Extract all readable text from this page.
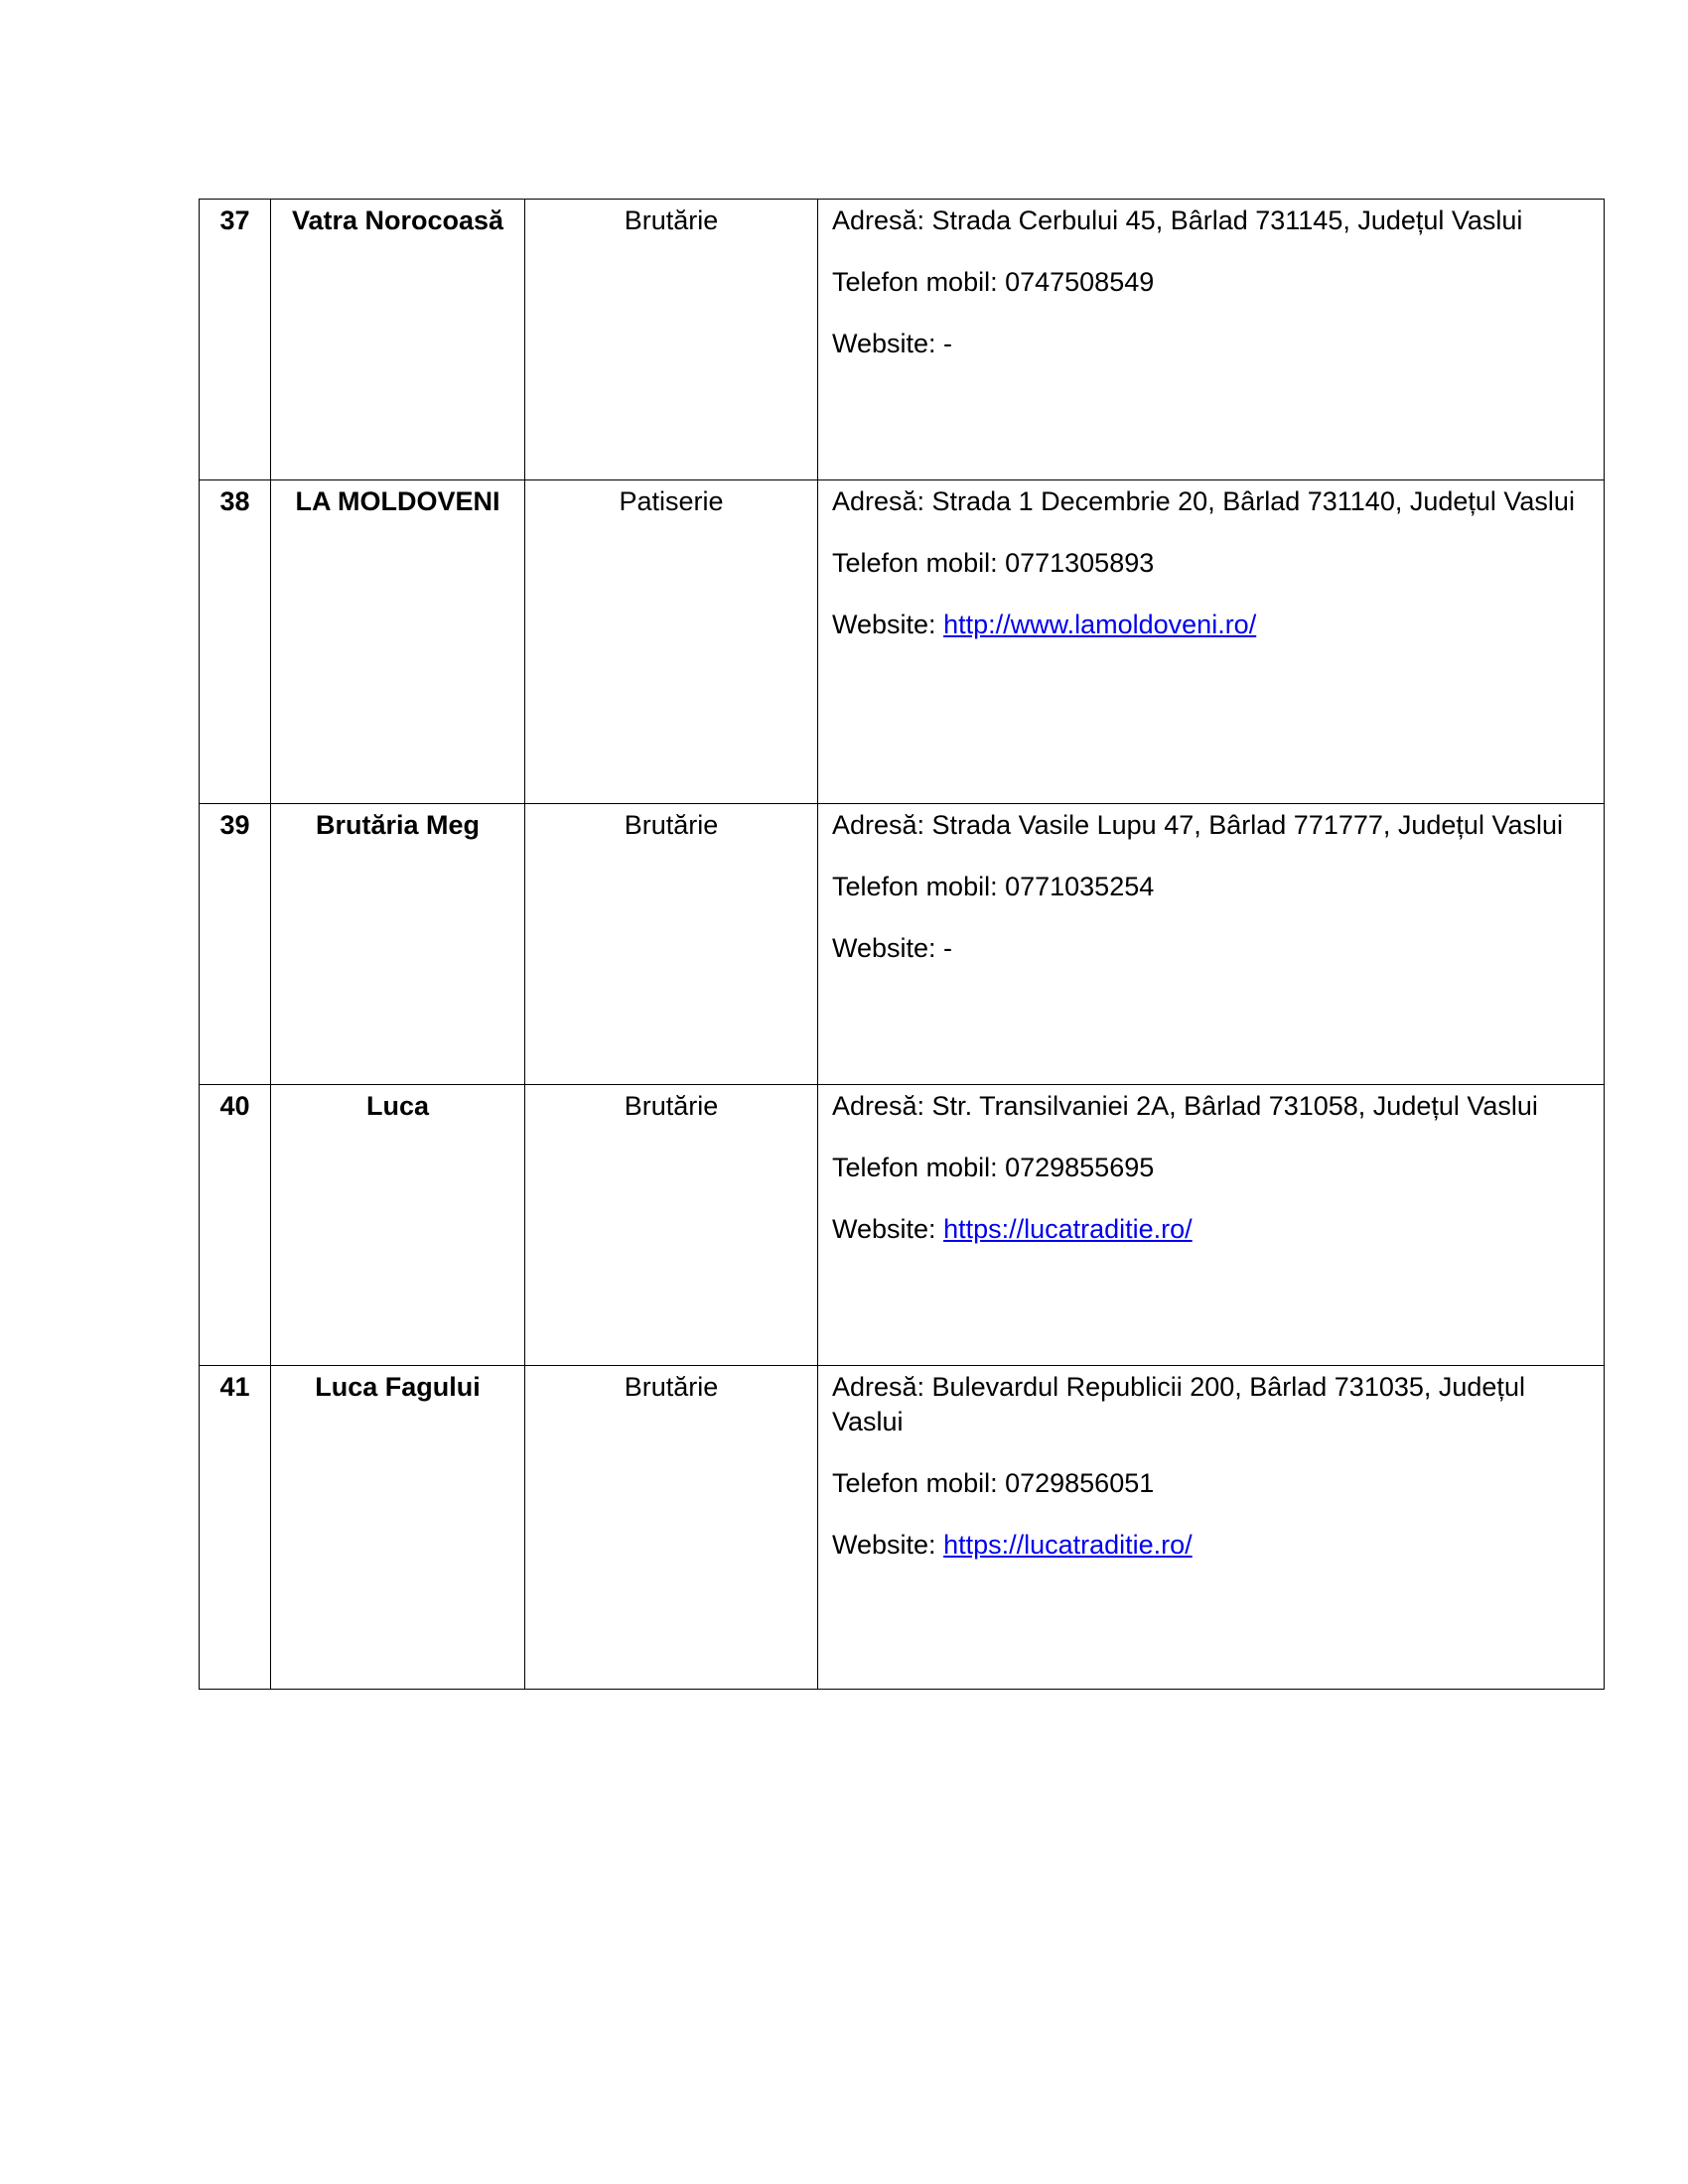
37	Vatra Norocoasă	Brutărie	Adresă: Strada Cerbului 45, Bârlad 731145, Județul Vaslui

Telefon mobil: 0747508549

Website: -

38	LA MOLDOVENI	Patiserie	Adresă: Strada 1 Decembrie 20, Bârlad 731140, Județul Vaslui

Telefon mobil: 0771305893

Website: http://www.lamoldoveni.ro/

39	Brutăria Meg	Brutărie	Adresă: Strada Vasile Lupu 47, Bârlad 771777, Județul Vaslui

Telefon mobil: 0771035254

Website: -

40	Luca	Brutărie	Adresă: Str. Transilvaniei 2A, Bârlad 731058, Județul Vaslui

Telefon mobil: 0729855695

Website: https://lucatraditie.ro/

41	Luca Fagului	Brutărie	Adresă: Bulevardul Republicii 200, Bârlad 731035, Județul Vaslui

Telefon mobil: 0729856051

Website: https://lucatraditie.ro/
